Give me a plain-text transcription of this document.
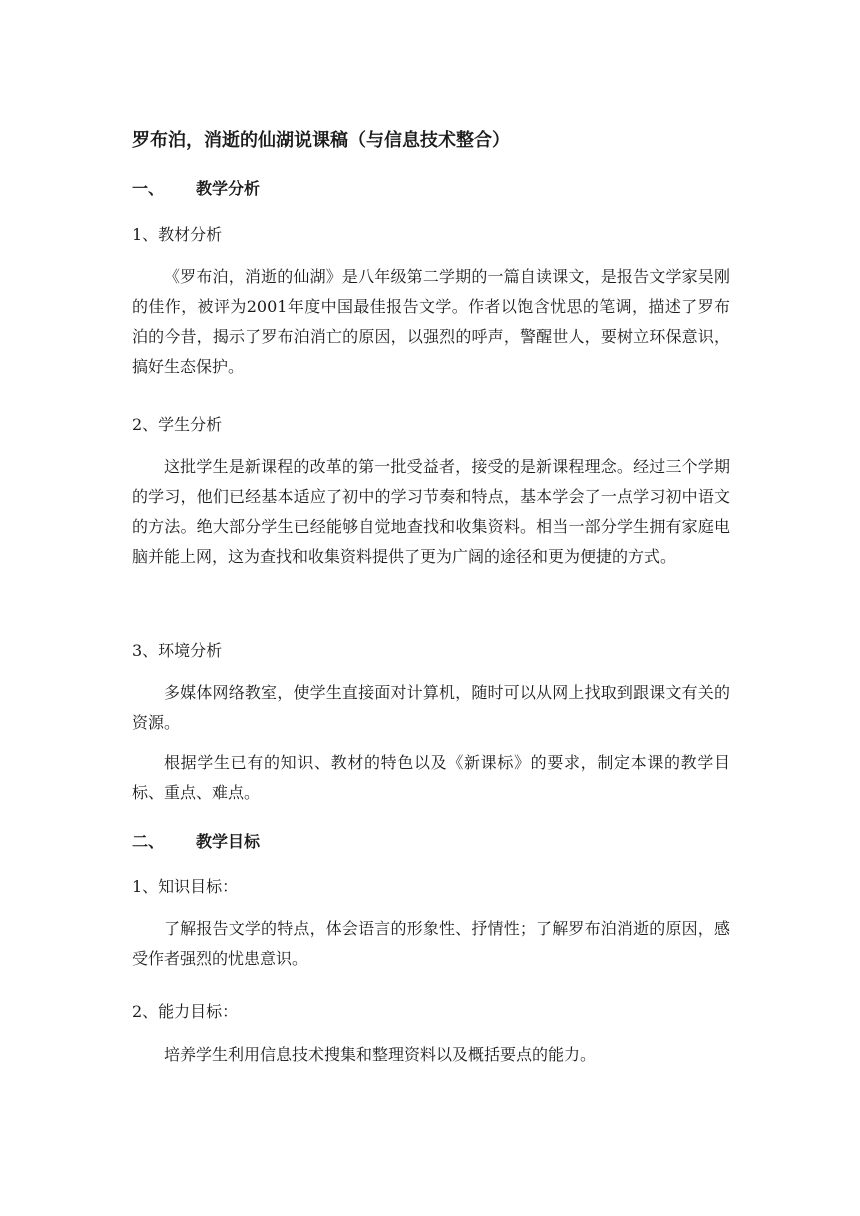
罗布泊，消逝的仙湖说课稿（与信息技术整合）
一、 教学分析
1、教材分析
《罗布泊，消逝的仙湖》是八年级第二学期的一篇自读课文，是报告文学家吴刚的佳作，被评为2001年度中国最佳报告文学。作者以饱含忧思的笔调，描述了罗布泊的今昔，揭示了罗布泊消亡的原因，以强烈的呼声，警醒世人，要树立环保意识，搞好生态保护。
2、学生分析
这批学生是新课程的改革的第一批受益者，接受的是新课程理念。经过三个学期的学习，他们已经基本适应了初中的学习节奏和特点，基本学会了一点学习初中语文的方法。绝大部分学生已经能够自觉地查找和收集资料。相当一部分学生拥有家庭电脑并能上网，这为查找和收集资料提供了更为广阔的途径和更为便捷的方式。
3、环境分析
多媒体网络教室，使学生直接面对计算机，随时可以从网上找取到跟课文有关的资源。
根据学生已有的知识、教材的特色以及《新课标》的要求，制定本课的教学目标、重点、难点。
二、 教学目标
1、知识目标：
了解报告文学的特点，体会语言的形象性、抒情性；了解罗布泊消逝的原因，感受作者强烈的忧患意识。
2、能力目标：
培养学生利用信息技术搜集和整理资料以及概括要点的能力。
